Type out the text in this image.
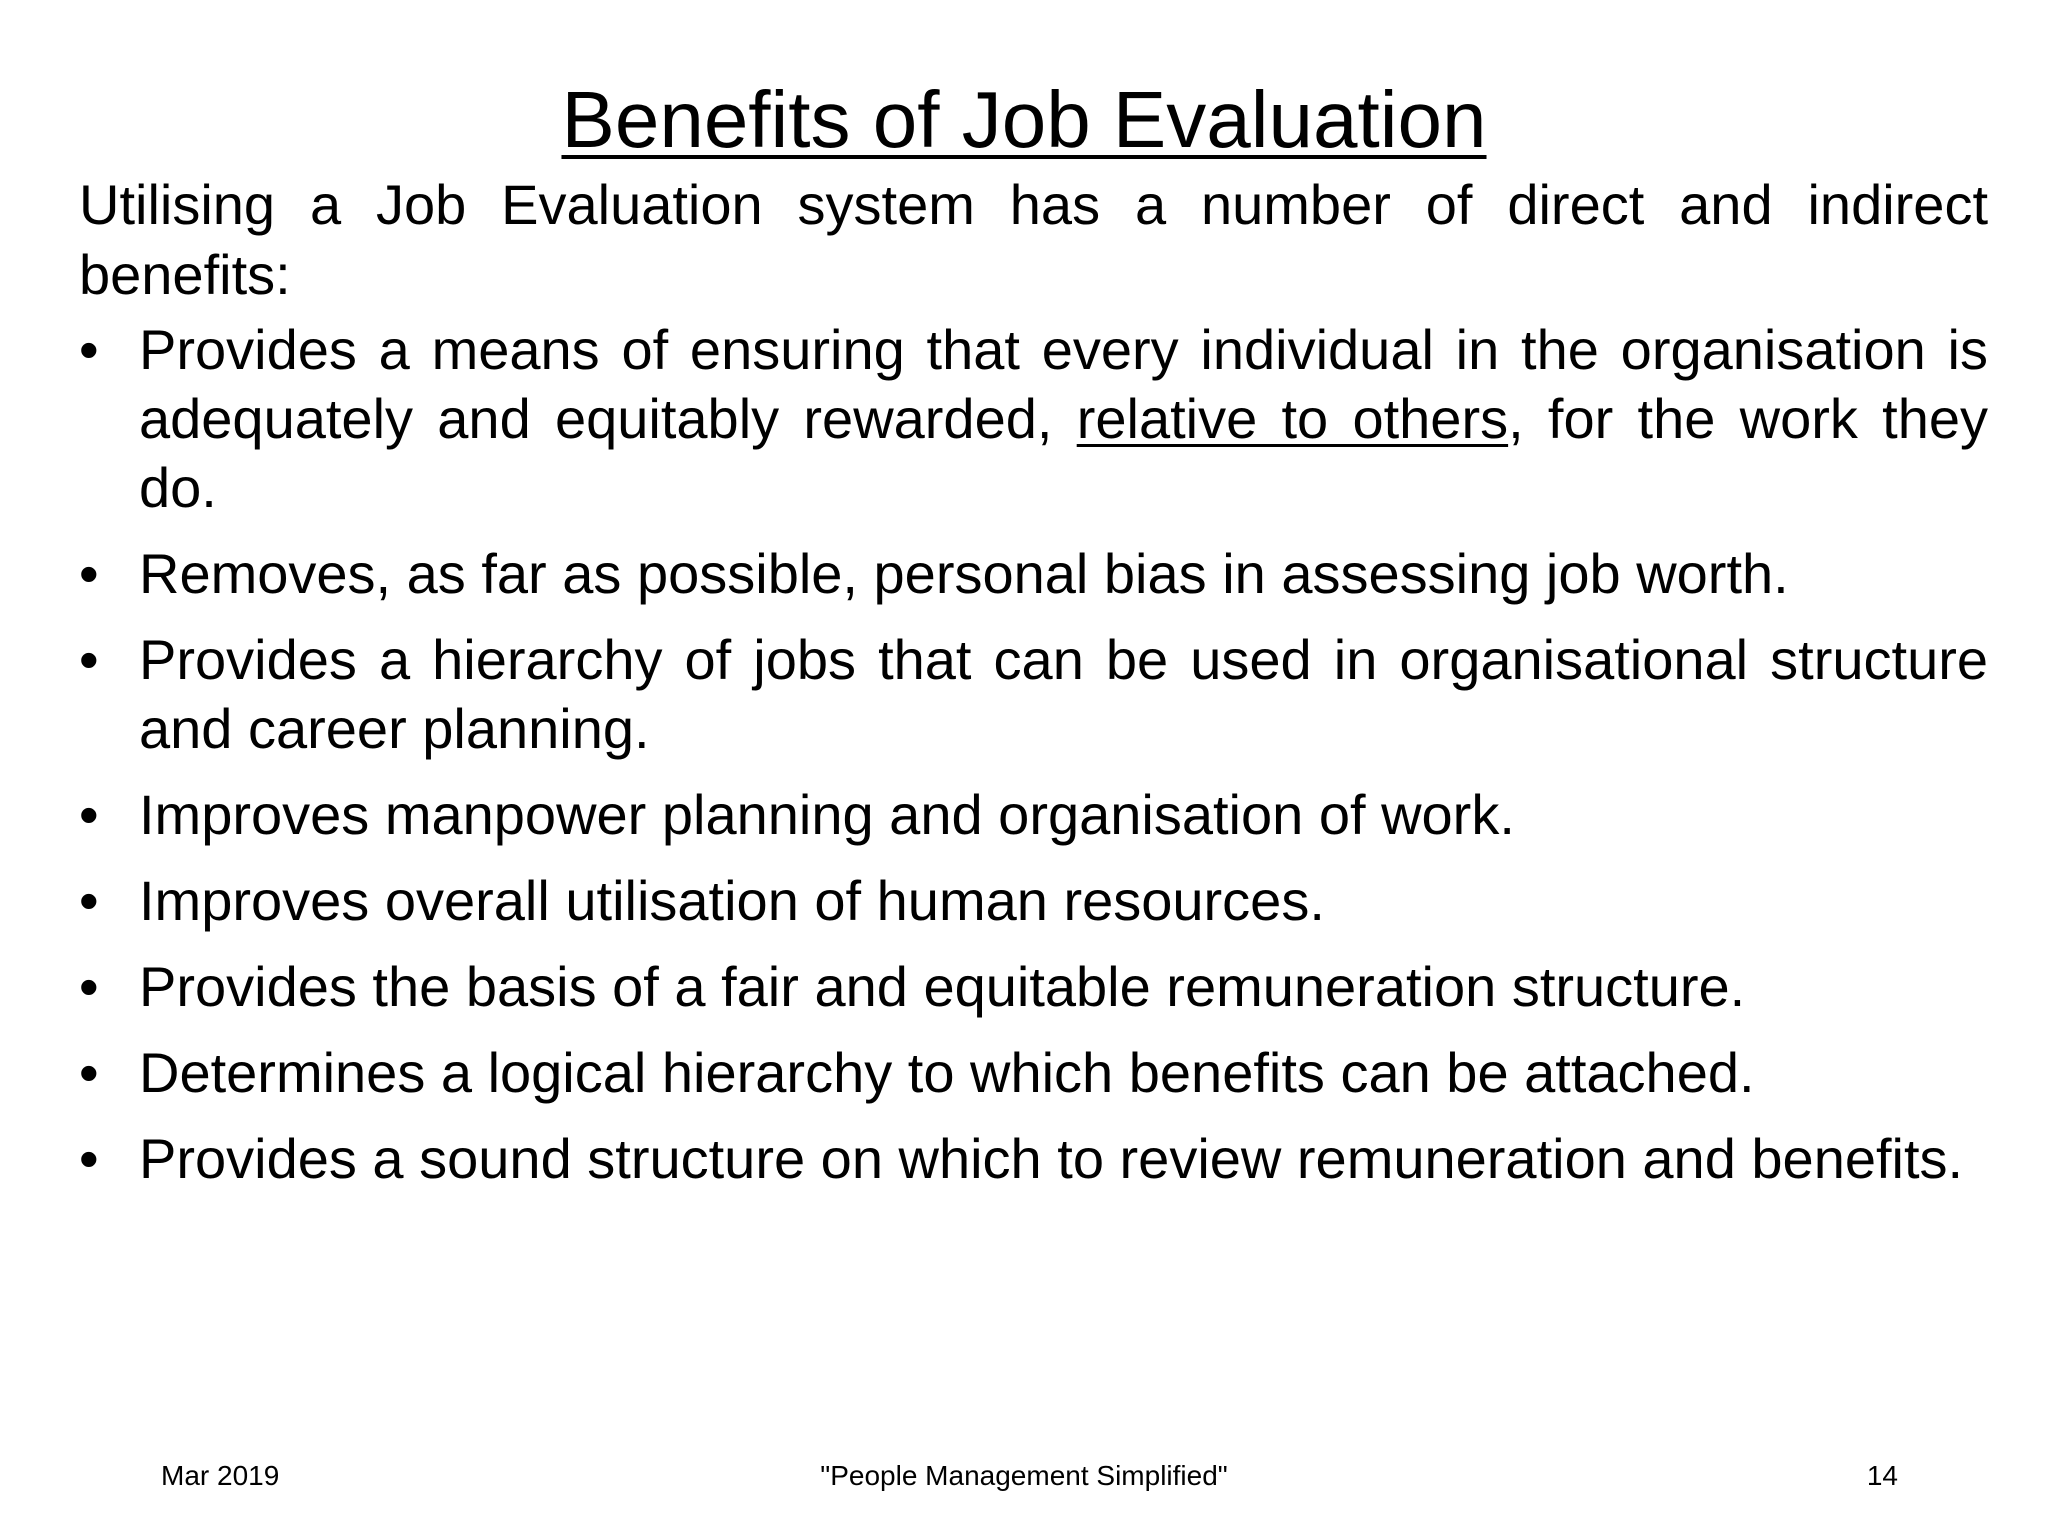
Benefits of Job Evaluation

Utilising a Job Evaluation system has a number of direct and indirect benefits:

• Provides a means of ensuring that every individual in the organisation is adequately and equitably rewarded, relative to others, for the work they do.
• Removes, as far as possible, personal bias in assessing job worth.
• Provides a hierarchy of jobs that can be used in organisational structure and career planning.
• Improves manpower planning and organisation of work.
• Improves overall utilisation of human resources.
• Provides the basis of a fair and equitable remuneration structure.
• Determines a logical hierarchy to which benefits can be attached.
• Provides a sound structure on which to review remuneration and benefits.
Mar 2019	"People Management Simplified"	14
